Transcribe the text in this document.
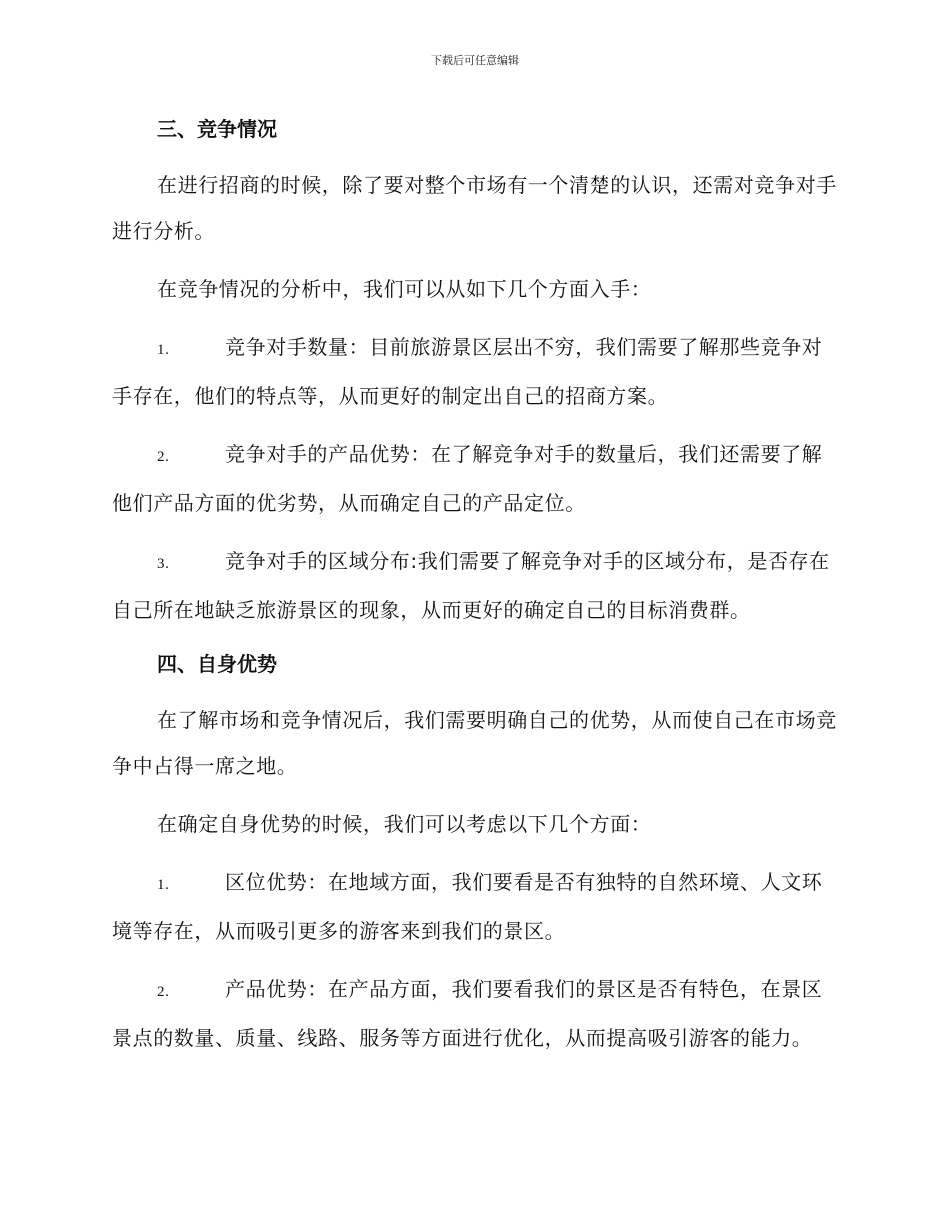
下载后可任意编辑

三、竞争情况

在进行招商的时候，除了要对整个市场有一个清楚的认识，还需对竞争对手进行分析。

在竞争情况的分析中，我们可以从如下几个方面入手：

1.	竞争对手数量：目前旅游景区层出不穷，我们需要了解那些竞争对手存在，他们的特点等，从而更好的制定出自己的招商方案。

2.	竞争对手的产品优势：在了解竞争对手的数量后，我们还需要了解他们产品方面的优劣势，从而确定自己的产品定位。

3.	竞争对手的区域分布:我们需要了解竞争对手的区域分布，是否存在自己所在地缺乏旅游景区的现象，从而更好的确定自己的目标消费群。

四、自身优势

在了解市场和竞争情况后，我们需要明确自己的优势，从而使自己在市场竞争中占得一席之地。

在确定自身优势的时候，我们可以考虑以下几个方面：

1.	区位优势：在地域方面，我们要看是否有独特的自然环境、人文环境等存在，从而吸引更多的游客来到我们的景区。

2.	产品优势：在产品方面，我们要看我们的景区是否有特色，在景区景点的数量、质量、线路、服务等方面进行优化，从而提高吸引游客的能力。
